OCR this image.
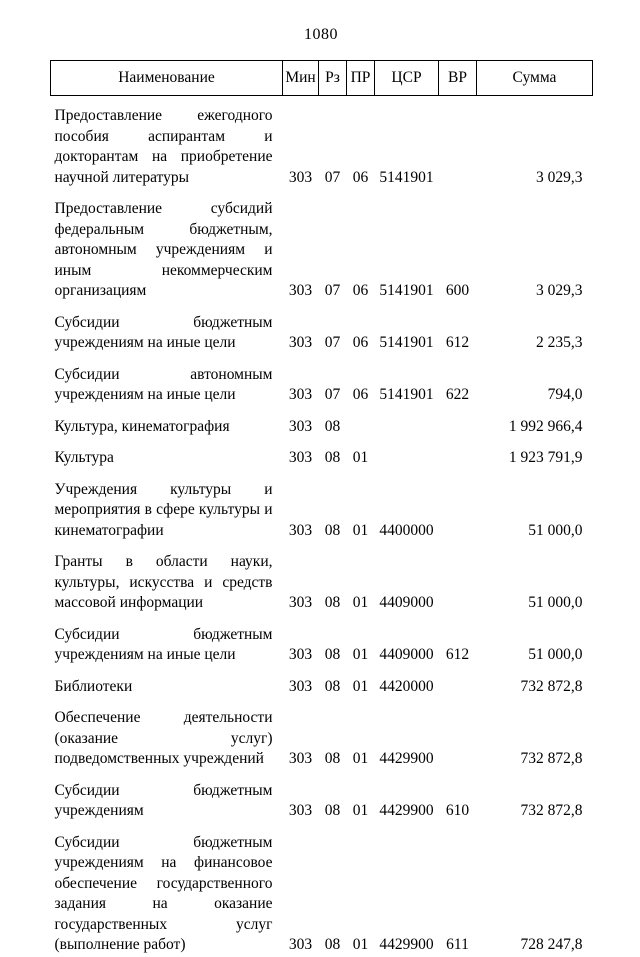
1080
Наименование	Мин	Рз	ПР	ЦСР	ВР	Сумма
Предоставление ежегодного пособия аспирантам и докторантам на приобретение научной литературы	303	07	06	5141901		3 029,3
Предоставление субсидий федеральным бюджетным, автономным учреждениям и иным некоммерческим организациям	303	07	06	5141901	600	3 029,3
Субсидии бюджетным учреждениям на иные цели	303	07	06	5141901	612	2 235,3
Субсидии автономным учреждениям на иные цели	303	07	06	5141901	622	794,0
Культура, кинематография	303	08				1 992 966,4
Культура	303	08	01			1 923 791,9
Учреждения культуры и мероприятия в сфере культуры и кинематографии	303	08	01	4400000		51 000,0
Гранты в области науки, культуры, искусства и средств массовой информации	303	08	01	4409000		51 000,0
Субсидии бюджетным учреждениям на иные цели	303	08	01	4409000	612	51 000,0
Библиотеки	303	08	01	4420000		732 872,8
Обеспечение деятельности (оказание услуг) подведомственных учреждений	303	08	01	4429900		732 872,8
Субсидии бюджетным учреждениям	303	08	01	4429900	610	732 872,8
Субсидии бюджетным учреждениям на финансовое обеспечение государственного задания на оказание государственных услуг (выполнение работ)	303	08	01	4429900	611	728 247,8
